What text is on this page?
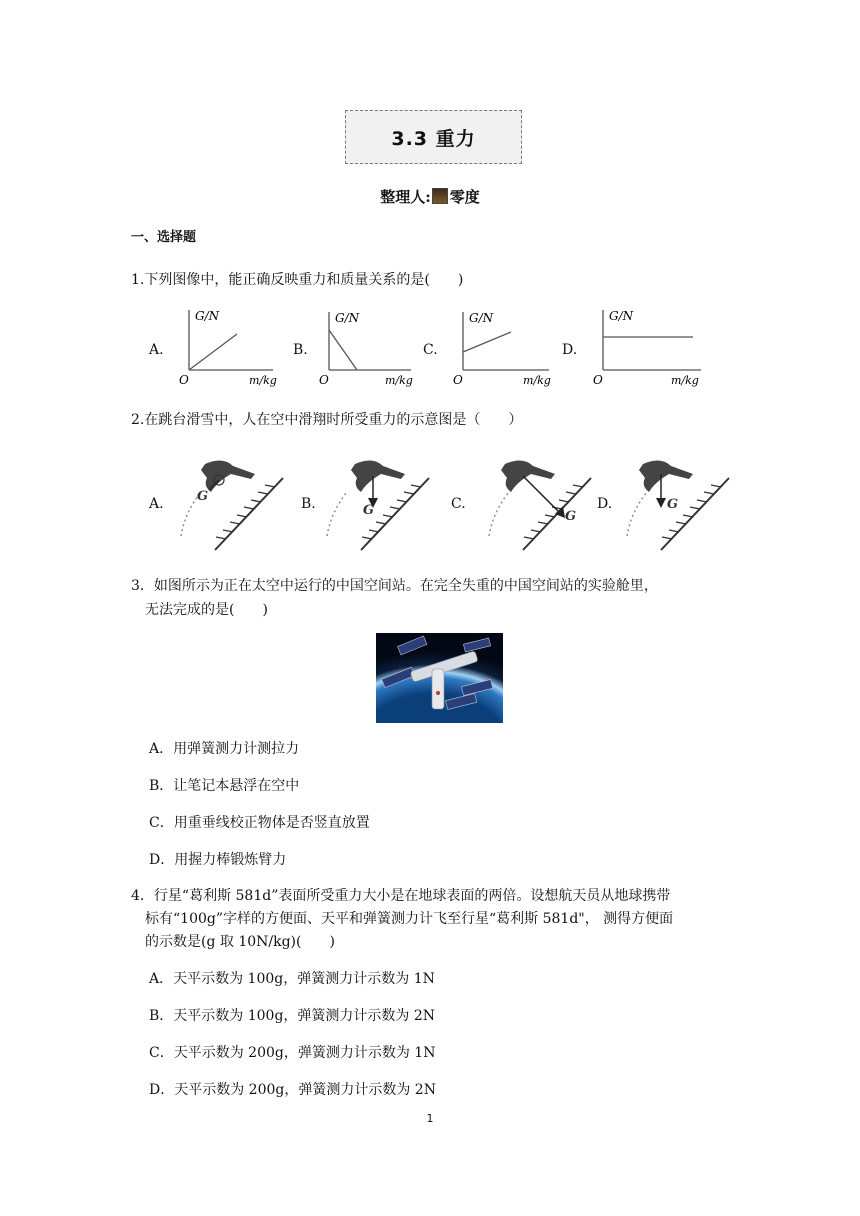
3.3 重力
整理人: 零度
一、选择题
1.下列图像中，能正确反映重力和质量关系的是(　　)
A.	B.	C.	D.
G/N
O	m/kg
G/N
O	m/kg
G/N
O	m/kg
G/N
O	m/kg
2.在跳台滑雪中，人在空中滑翔时所受重力的示意图是（　　）
A.	B.	C.	D.
G
G	G
G
3．如图所示为正在太空中运行的中国空间站。在完全失重的中国空间站的实验舱里，
无法完成的是(　　)
A．用弹簧测力计测拉力
B．让笔记本悬浮在空中
C．用重垂线校正物体是否竖直放置
D．用握力棒锻炼臂力
4．行星“葛利斯 581d”表面所受重力大小是在地球表面的两倍。设想航天员从地球携带
标有“100g”字样的方便面、天平和弹簧测力计飞至行星“葛利斯 581d"， 测得方便面
的示数是(g 取 10N/kg)(　　)
A．天平示数为 100g，弹簧测力计示数为 1N
B．天平示数为 100g，弹簧测力计示数为 2N
C．天平示数为 200g，弹簧测力计示数为 1N
D．天平示数为 200g，弹簧测力计示数为 2N
1
